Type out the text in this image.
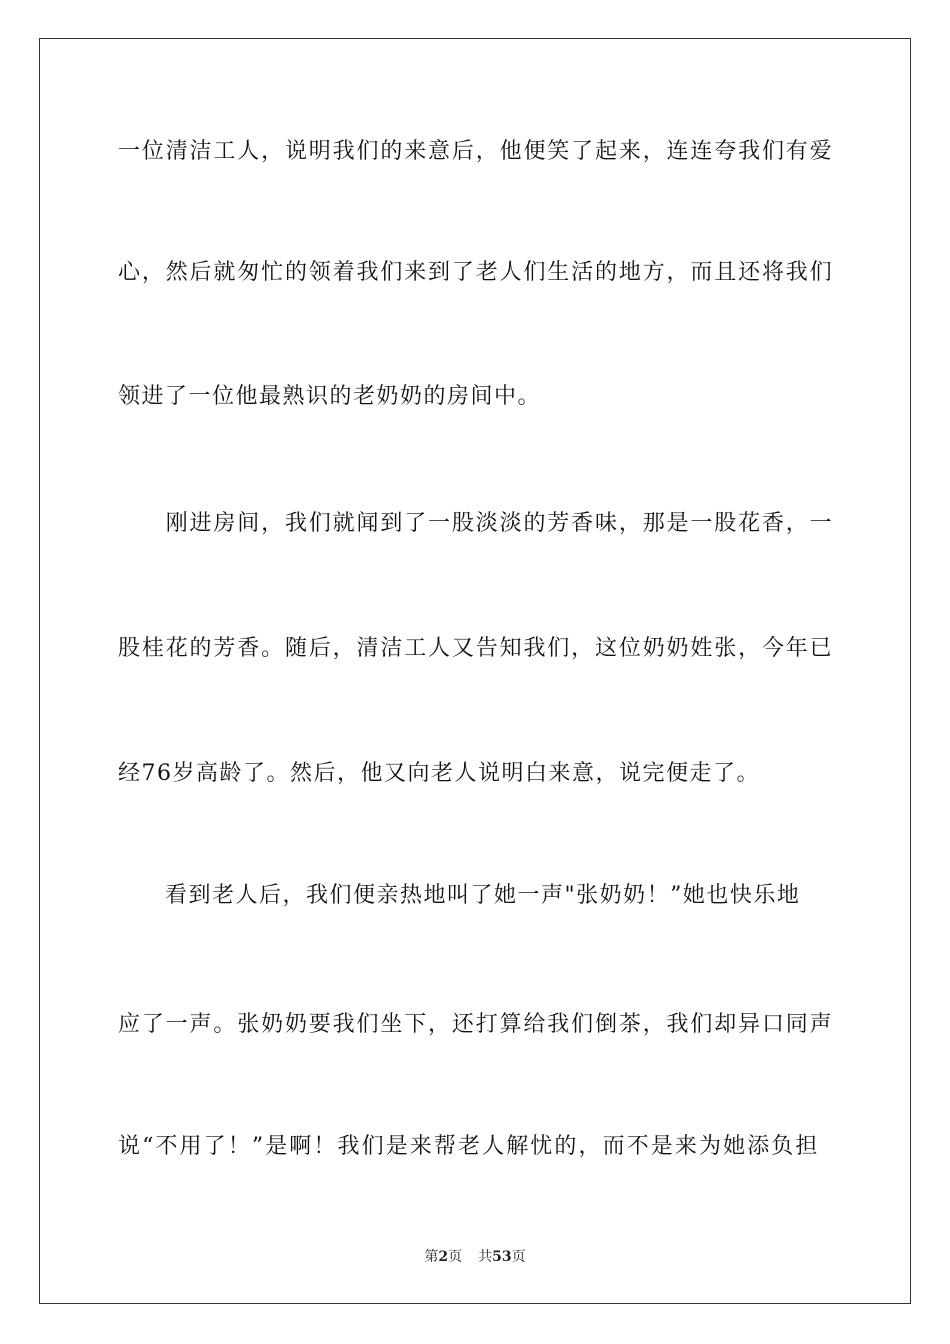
一位清洁工人，说明我们的来意后，他便笑了起来，连连夸我们有爱
心，然后就匆忙的领着我们来到了老人们生活的地方，而且还将我们
领进了一位他最熟识的老奶奶的房间中。
　　刚进房间，我们就闻到了一股淡淡的芳香味，那是一股花香，一
股桂花的芳香。随后，清洁工人又告知我们，这位奶奶姓张，今年已
经76岁高龄了。然后，他又向老人说明白来意，说完便走了。
　　看到老人后，我们便亲热地叫了她一声"张奶奶！”她也快乐地
应了一声。张奶奶要我们坐下，还打算给我们倒茶，我们却异口同声
说“不用了！”是啊！我们是来帮老人解忧的，而不是来为她添负担
第2页 共53页
